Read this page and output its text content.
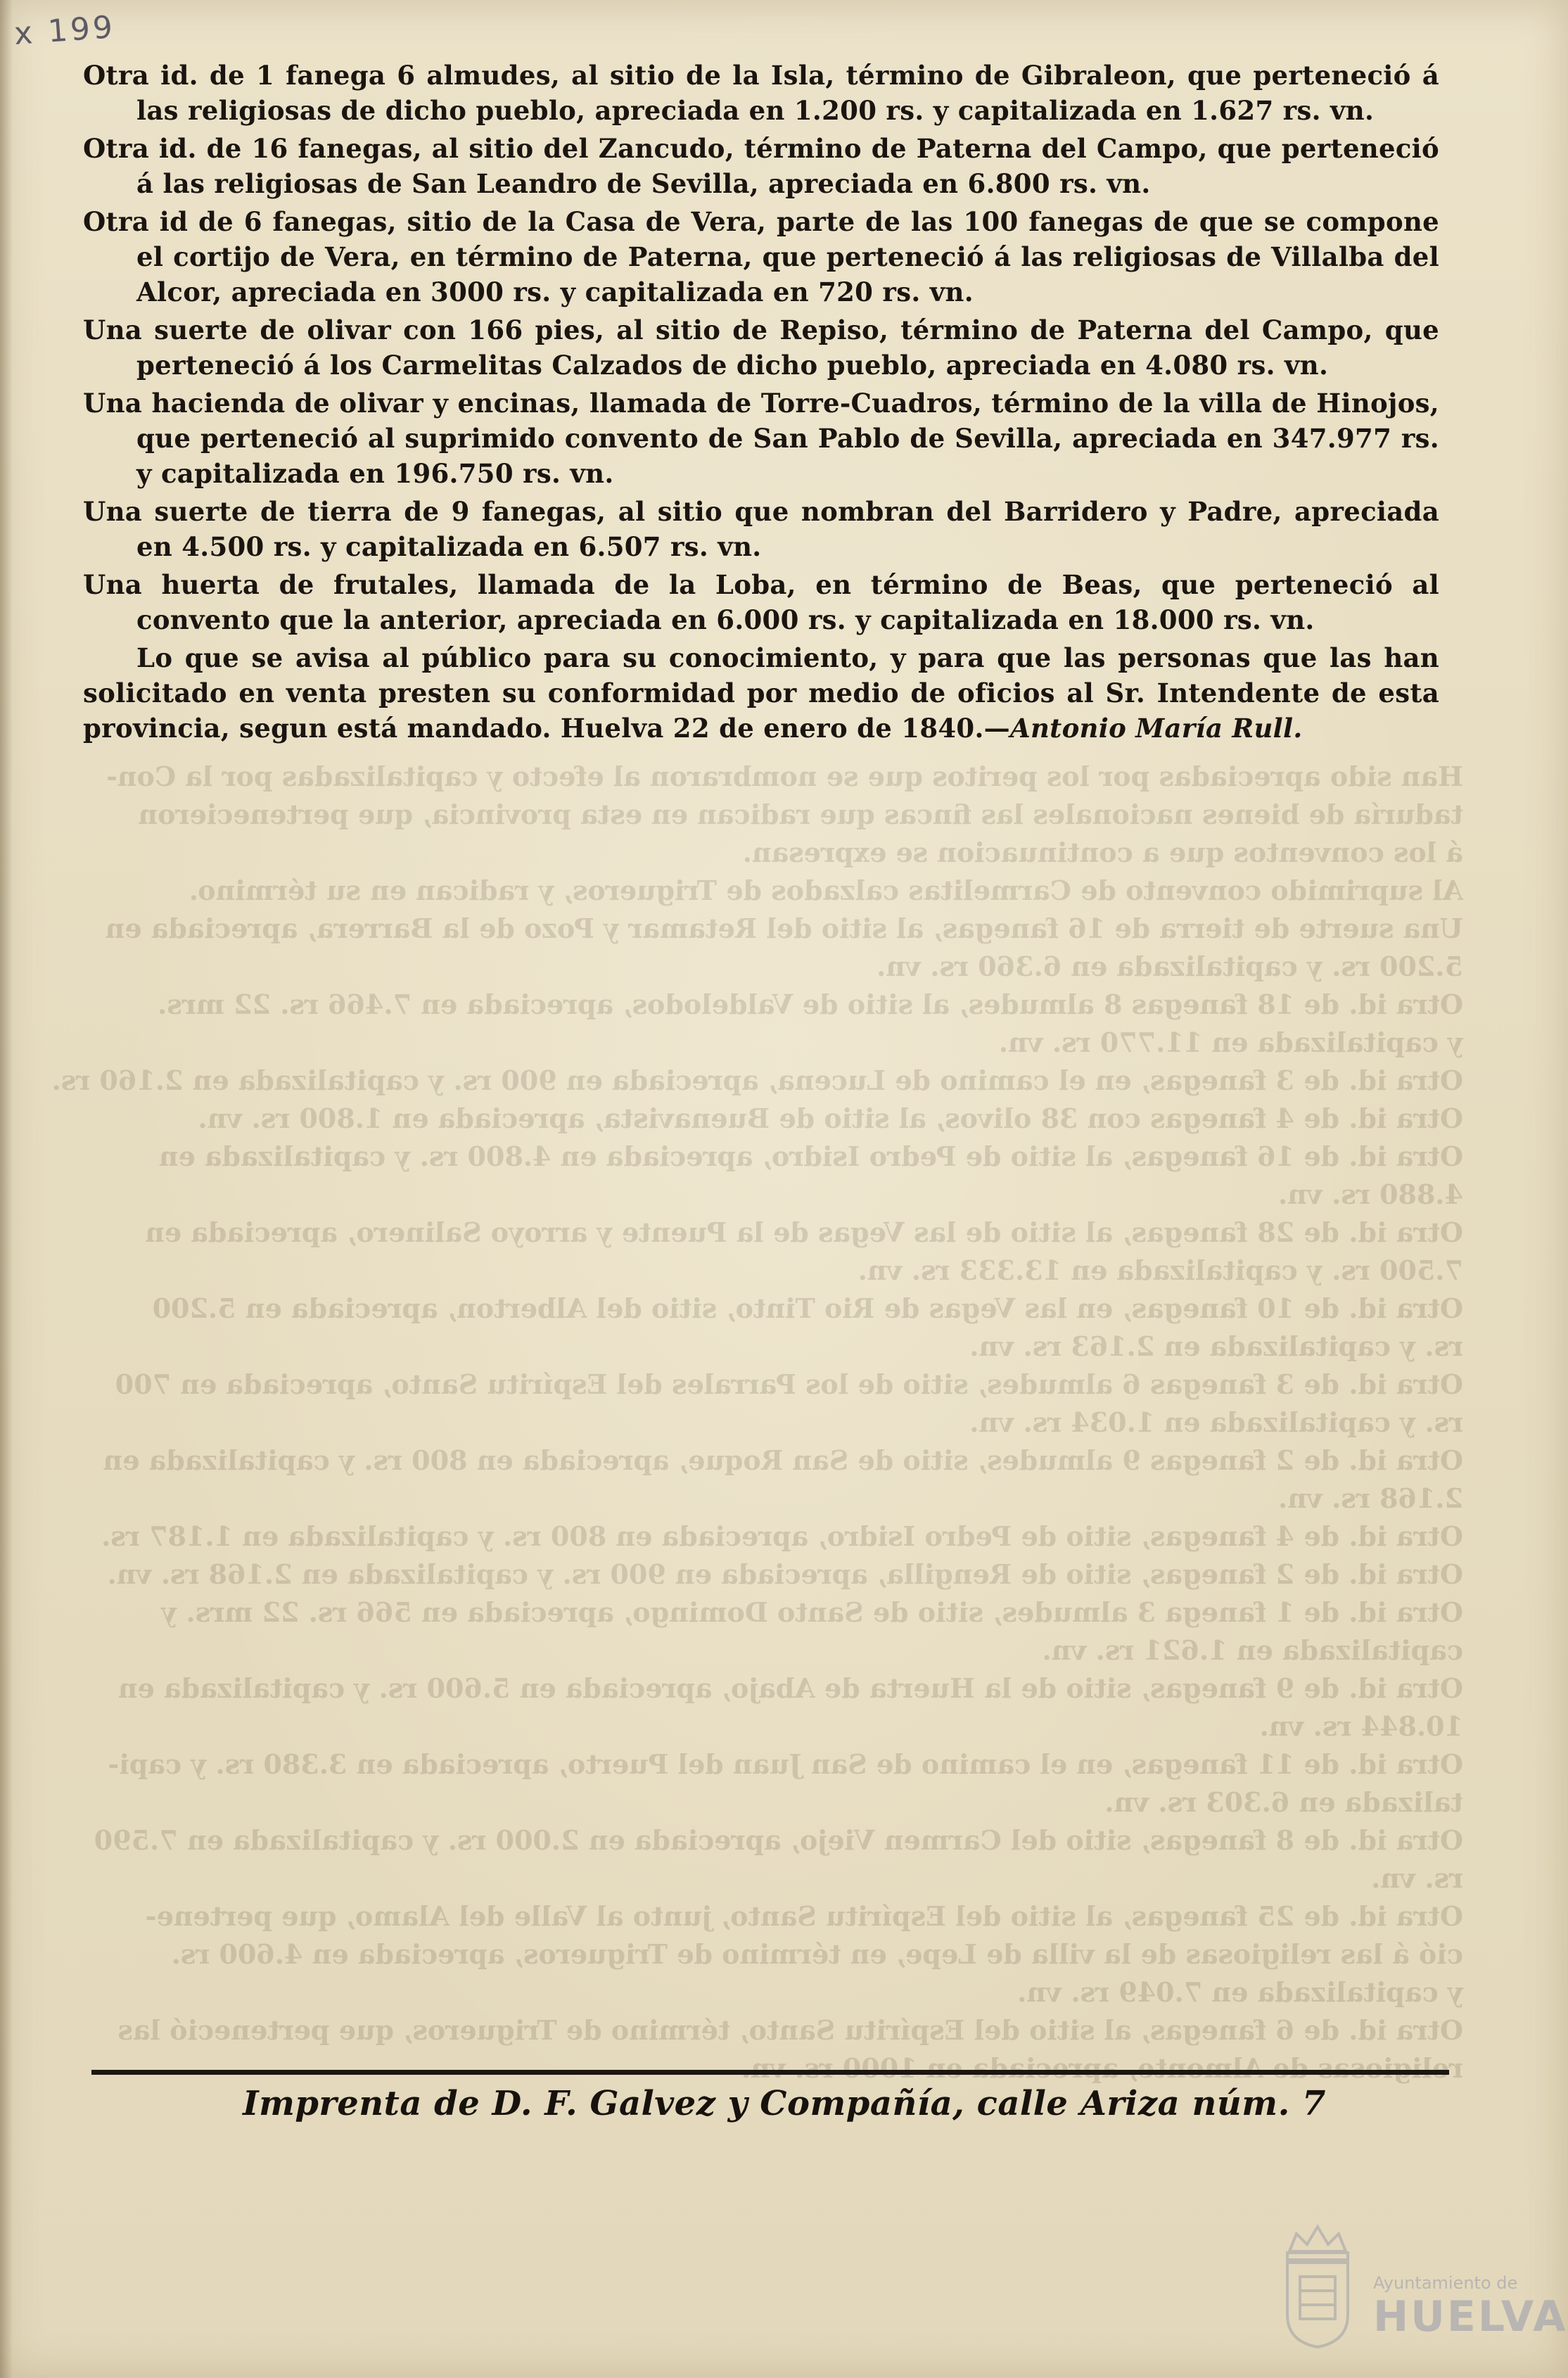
x 199
Han sido apreciadas por los peritos que se nombraron al efecto y capitalizadas por la Con-
taduría de bienes nacionales las fincas que radican en esta provincia, que pertenecieron
á los conventos que a continuacion se expresan.
Al suprimido convento de Carmelitas calzados de Trigueros, y radican en su término.
Una suerte de tierra de 16 fanegas, al sitio del Retamar y Pozo de la Barrera, apreciada en
5.200 rs. y capitalizada en 6.360 rs. vn.
Otra id. de 18 fanegas 8 almudes, al sitio de Valdelodos, apreciada en 7.466 rs. 22 mrs.
y capitalizada en 11.770 rs. vn.
Otra id. de 3 fanegas, en el camino de Lucena, apreciada en 900 rs. y capitalizada en 2.160 rs.
Otra id. de 4 fanegas con 38 olivos, al sitio de Buenavista, apreciada en 1.800 rs. vn.
Otra id. de 16 fanegas, al sitio de Pedro Isidro, apreciada en 4.800 rs. y capitalizada en
4.880 rs. vn.
Otra id. de 28 fanegas, al sitio de las Vegas de la Puente y arroyo Salinero, apreciada en
7.500 rs. y capitalizada en 13.333 rs. vn.
Otra id. de 10 fanegas, en las Vegas de Rio Tinto, sitio del Alberton, apreciada en 5.200
rs. y capitalizada en 2.163 rs. vn.
Otra id. de 3 fanegas 6 almudes, sitio de los Parrales del Espíritu Santo, apreciada en 700
rs. y capitalizada en 1.034 rs. vn.
Otra id. de 2 fanegas 9 almudes, sitio de San Roque, apreciada en 800 rs. y capitalizada en
2.168 rs. vn.
Otra id. de 4 fanegas, sitio de Pedro Isidro, apreciada en 800 rs. y capitalizada en 1.187 rs.
Otra id. de 2 fanegas, sitio de Rengilla, apreciada en 900 rs. y capitalizada en 2.168 rs. vn.
Otra id. de 1 fanega 3 almudes, sitio de Santo Domingo, apreciada en 566 rs. 22 mrs. y
capitalizada en 1.621 rs. vn.
Otra id. de 9 fanegas, sitio de la Huerta de Abajo, apreciada en 5.600 rs. y capitalizada en
10.844 rs. vn.
Otra id. de 11 fanegas, en el camino de San Juan del Puerto, apreciada en 3.380 rs. y capi-
talizada en 6.303 rs. vn.
Otra id. de 8 fanegas, sitio del Carmen Viejo, apreciada en 2.000 rs. y capitalizada en 7.590
rs. vn.
Otra id. de 25 fanegas, al sitio del Espíritu Santo, junto al Valle del Alamo, que pertene-
ció á las religiosas de la villa de Lepe, en término de Trigueros, apreciada en 4.600 rs.
y capitalizada en 7.049 rs. vn.
Otra id. de 6 fanegas, al sitio del Espíritu Santo, término de Trigueros, que perteneció las
religiosas de Almonte, apreciada en 1000 rs. vn.

Otra id. de 1 fanega 6 almudes, al sitio de la Isla, término de Gibraleon, que perteneció á las religiosas de dicho pueblo, apreciada en 1.200 rs. y capitalizada en 1.627 rs. vn.

Otra id. de 16 fanegas, al sitio del Zancudo, término de Paterna del Campo, que perteneció á las religiosas de San Leandro de Sevilla, apreciada en 6.800 rs. vn.

Otra id de 6 fanegas, sitio de la Casa de Vera, parte de las 100 fanegas de que se compone el cortijo de Vera, en término de Paterna, que perteneció á las religiosas de Villalba del Alcor, apreciada en 3000 rs. y capitalizada en 720 rs. vn.

Una suerte de olivar con 166 pies, al sitio de Repiso, término de Paterna del Campo, que perteneció á los Carmelitas Calzados de dicho pueblo, apreciada en 4.080 rs. vn.

Una hacienda de olivar y encinas, llamada de Torre-Cuadros, término de la villa de Hinojos, que perteneció al suprimido convento de San Pablo de Sevilla, apreciada en 347.977 rs. y capitalizada en 196.750 rs. vn.

Una suerte de tierra de 9 fanegas, al sitio que nombran del Barridero y Padre, apreciada en 4.500 rs. y capitalizada en 6.507 rs. vn.

Una huerta de frutales, llamada de la Loba, en término de Beas, que perteneció al convento que la anterior, apreciada en 6.000 rs. y capitalizada en 18.000 rs. vn.

Lo que se avisa al público para su conocimiento, y para que las personas que las han solicitado en venta presten su conformidad por medio de oficios al Sr. Intendente de esta provincia, segun está mandado. Huelva 22 de enero de 1840.—Antonio María Rull.

Imprenta de D. F. Galvez y Compañía, calle Ariza núm. 7
Ayuntamiento de
HUELVA
